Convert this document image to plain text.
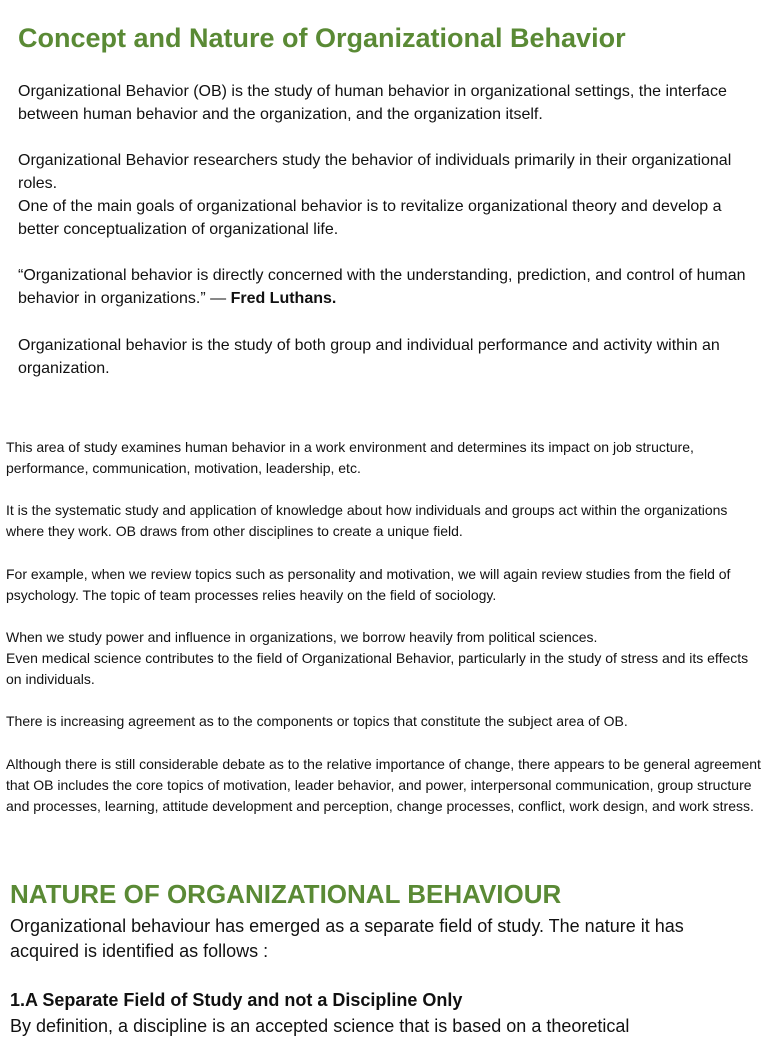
Concept and Nature of Organizational Behavior

Organizational Behavior (OB) is the study of human behavior in organizational settings, the interface between human behavior and the organization, and the organization itself.

Organizational Behavior researchers study the behavior of individuals primarily in their organizational roles.

One of the main goals of organizational behavior is to revitalize organizational theory and develop a better conceptualization of organizational life.

“Organizational behavior is directly concerned with the understanding, prediction, and control of human behavior in organizations.” — Fred Luthans.

Organizational behavior is the study of both group and individual performance and activity within an organization.

This area of study examines human behavior in a work environment and determines its impact on job structure, performance, communication, motivation, leadership, etc.

It is the systematic study and application of knowledge about how individuals and groups act within the organizations where they work. OB draws from other disciplines to create a unique field.

For example, when we review topics such as personality and motivation, we will again review studies from the field of psychology. The topic of team processes relies heavily on the field of sociology.

When we study power and influence in organizations, we borrow heavily from political sciences.

Even medical science contributes to the field of Organizational Behavior, particularly in the study of stress and its effects on individuals.

There is increasing agreement as to the components or topics that constitute the subject area of OB.

Although there is still considerable debate as to the relative importance of change, there appears to be general agreement that OB includes the core topics of motivation, leader behavior, and power, interpersonal communication, group structure and processes, learning, attitude development and perception, change processes, conflict, work design, and work stress.

NATURE OF ORGANIZATIONAL BEHAVIOUR

Organizational behaviour has emerged as a separate field of study. The nature it has acquired is identified as follows :

1.A Separate Field of Study and not a Discipline Only

By definition, a discipline is an accepted science that is based on a theoretical
